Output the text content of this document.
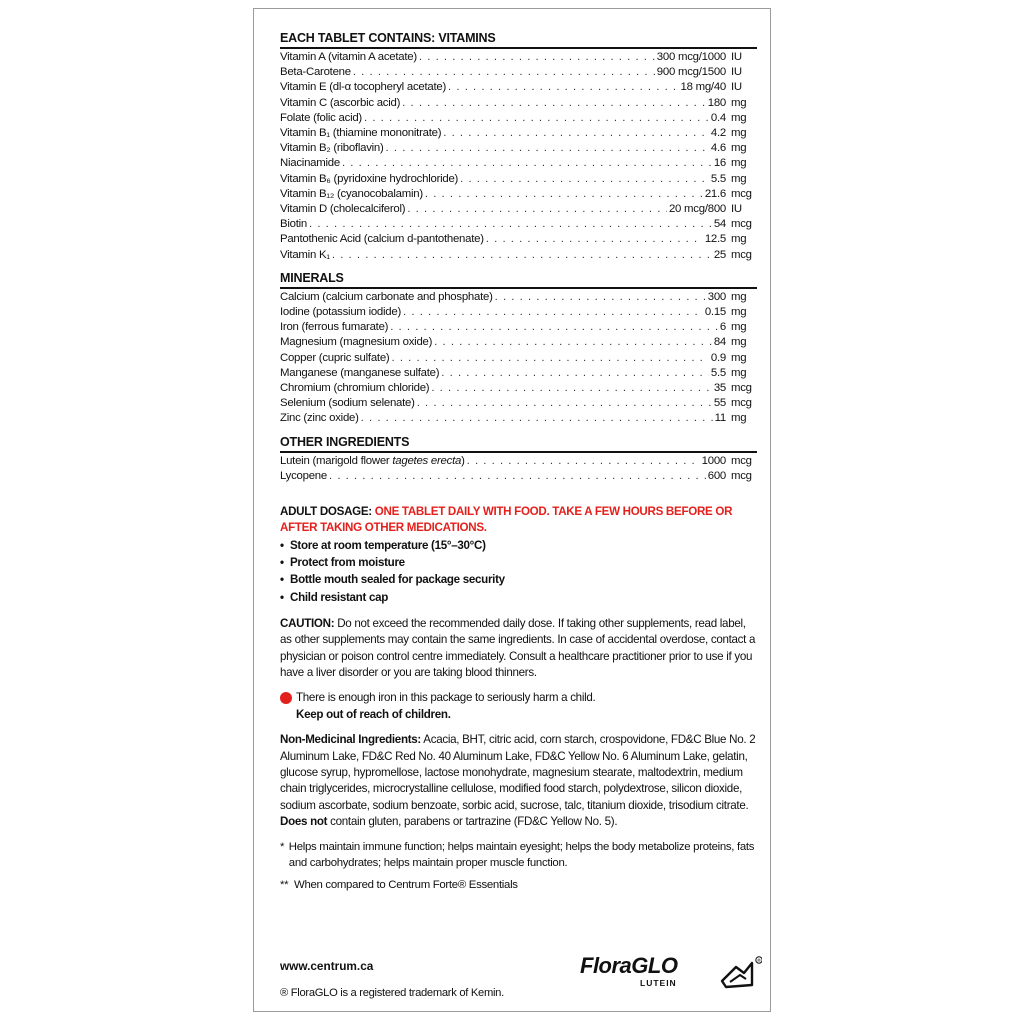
EACH TABLET CONTAINS: VITAMINS
Vitamin A (vitamin A acetate) . . .	300 mcg/1000 IU
Beta-Carotene . . .	900 mcg/1500 IU
Vitamin E (dl-α tocopheryl acetate) . . .	18 mg/40 IU
Vitamin C (ascorbic acid) . . .	180 mg
Folate (folic acid) . . .	0.4 mg
Vitamin B₁ (thiamine mononitrate) . . .	4.2 mg
Vitamin B₂ (riboflavin) . . .	4.6 mg
Niacinamide . . .	16 mg
Vitamin B₆ (pyridoxine hydrochloride) . . .	5.5 mg
Vitamin B₁₂ (cyanocobalamin) . . .	21.6 mcg
Vitamin D (cholecalciferol) . . .	20 mcg/800 IU
Biotin . . .	54 mcg
Pantothenic Acid (calcium d-pantothenate) . . .	12.5 mg
Vitamin K₁ . . .	25 mcg
MINERALS
Calcium (calcium carbonate and phosphate) . . .	300 mg
Iodine (potassium iodide) . . .	0.15 mg
Iron (ferrous fumarate) . . .	6 mg
Magnesium (magnesium oxide) . . .	84 mg
Copper (cupric sulfate) . . .	0.9 mg
Manganese (manganese sulfate) . . .	5.5 mg
Chromium (chromium chloride) . . .	35 mcg
Selenium (sodium selenate) . . .	55 mcg
Zinc (zinc oxide) . . .	11 mg
OTHER INGREDIENTS
Lutein (marigold flower tagetes erecta) . . .	1000 mcg
Lycopene . . .	600 mcg
ADULT DOSAGE: ONE TABLET DAILY WITH FOOD. TAKE A FEW HOURS BEFORE OR AFTER TAKING OTHER MEDICATIONS.
• Store at room temperature (15°–30°C)
• Protect from moisture
• Bottle mouth sealed for package security
• Child resistant cap
CAUTION: Do not exceed the recommended daily dose. If taking other supplements, read label, as other supplements may contain the same ingredients. In case of accidental overdose, contact a physician or poison control centre immediately. Consult a healthcare practitioner prior to use if you have a liver disorder or you are taking blood thinners.
There is enough iron in this package to seriously harm a child.
Keep out of reach of children.
Non-Medicinal Ingredients: Acacia, BHT, citric acid, corn starch, crospovidone, FD&C Blue No. 2 Aluminum Lake, FD&C Red No. 40 Aluminum Lake, FD&C Yellow No. 6 Aluminum Lake, gelatin, glucose syrup, hypromellose, lactose monohydrate, magnesium stearate, maltodextrin, medium chain triglycerides, microcrystalline cellulose, modified food starch, polydextrose, silicon dioxide, sodium ascorbate, sodium benzoate, sorbic acid, sucrose, talc, titanium dioxide, trisodium citrate.
Does not contain gluten, parabens or tartrazine (FD&C Yellow No. 5).
* Helps maintain immune function; helps maintain eyesight; helps the body metabolize proteins, fats and carbohydrates; helps maintain proper muscle function.
** When compared to Centrum Forte® Essentials
www.centrum.ca
® FloraGLO is a registered trademark of Kemin.
FloraGLO
LUTEIN
®
